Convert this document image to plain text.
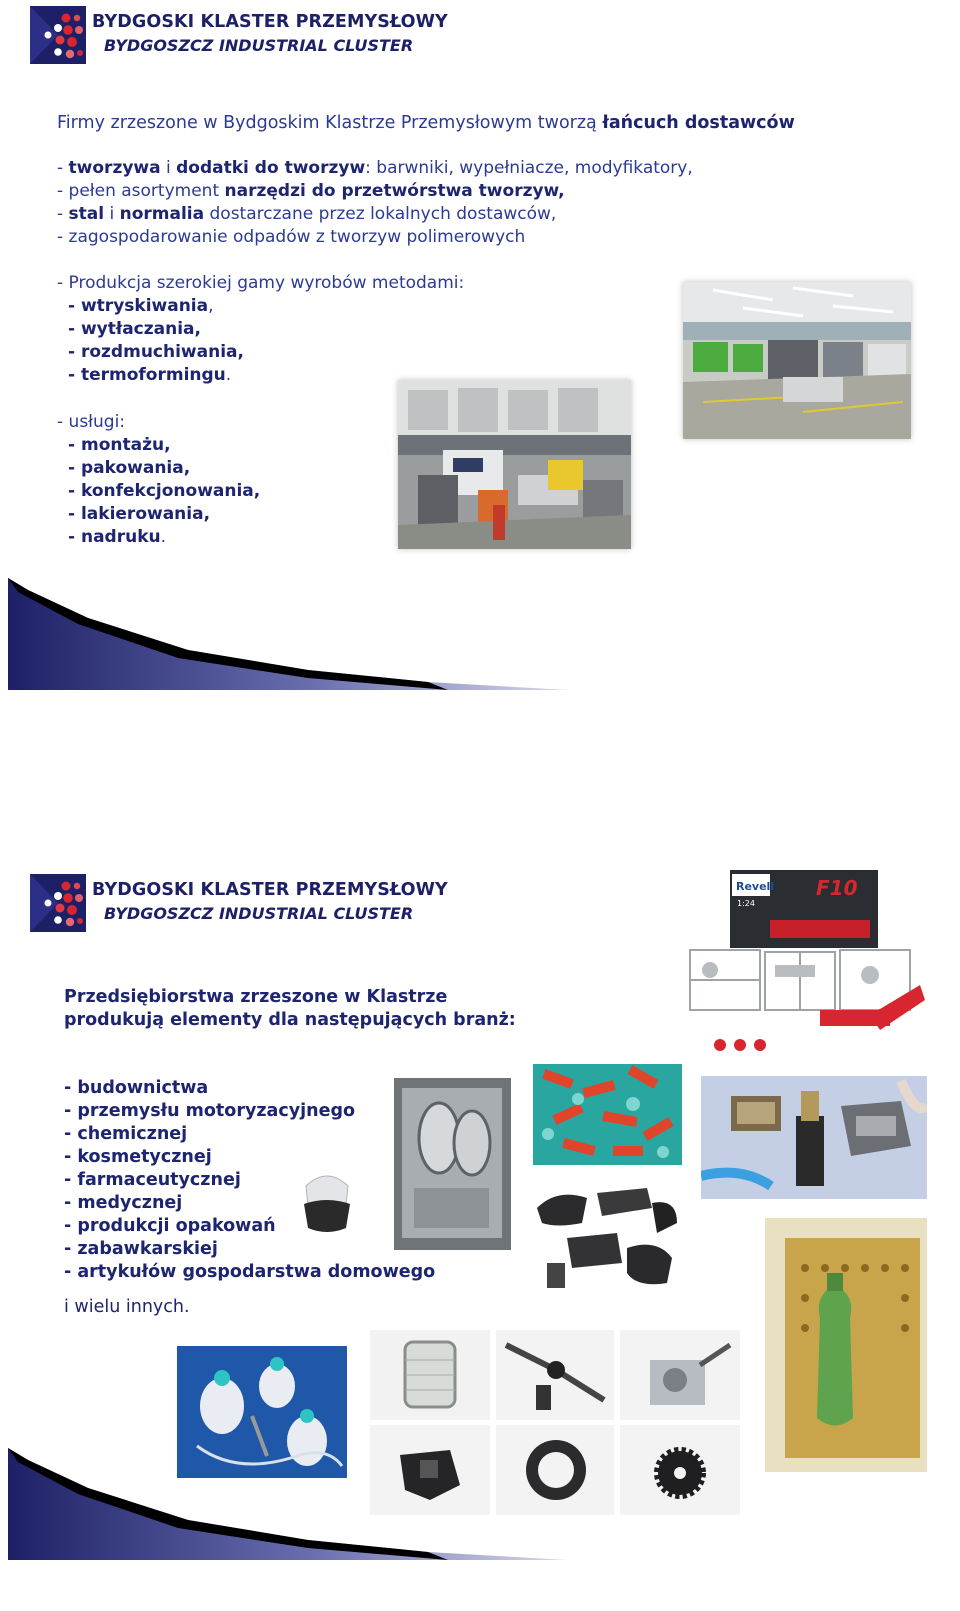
BYDGOSKI KLASTER PRZEMYSŁOWY
BYDGOSZCZ INDUSTRIAL CLUSTER
Firmy zrzeszone w Bydgoskim Klastrze Przemysłowym tworzą łańcuch dostawców
- tworzywa i dodatki do tworzyw: barwniki, wypełniacze, modyfikatory,
- pełen asortyment narzędzi do przetwórstwa tworzyw,
- stal i normalia dostarczane przez lokalnych dostawców,
- zagospodarowanie odpadów z tworzyw polimerowych
- Produkcja szerokiej gamy wyrobów metodami:
- wtryskiwania,
- wytłaczania,
- rozdmuchiwania,
- termoformingu.
- usługi:
- montażu,
- pakowania,
- konfekcjonowania,
- lakierowania,
- nadruku.
BYDGOSKI KLASTER PRZEMYSŁOWY
BYDGOSZCZ INDUSTRIAL CLUSTER
Revell
1:24
F10
Przedsiębiorstwa zrzeszone w Klastrze
produkują elementy dla następujących branż:
- budownictwa
- przemysłu motoryzacyjnego
- chemicznej
- kosmetycznej
- farmaceutycznej
- medycznej
- produkcji opakowań
- zabawkarskiej
- artykułów gospodarstwa domowego
i wielu innych.
